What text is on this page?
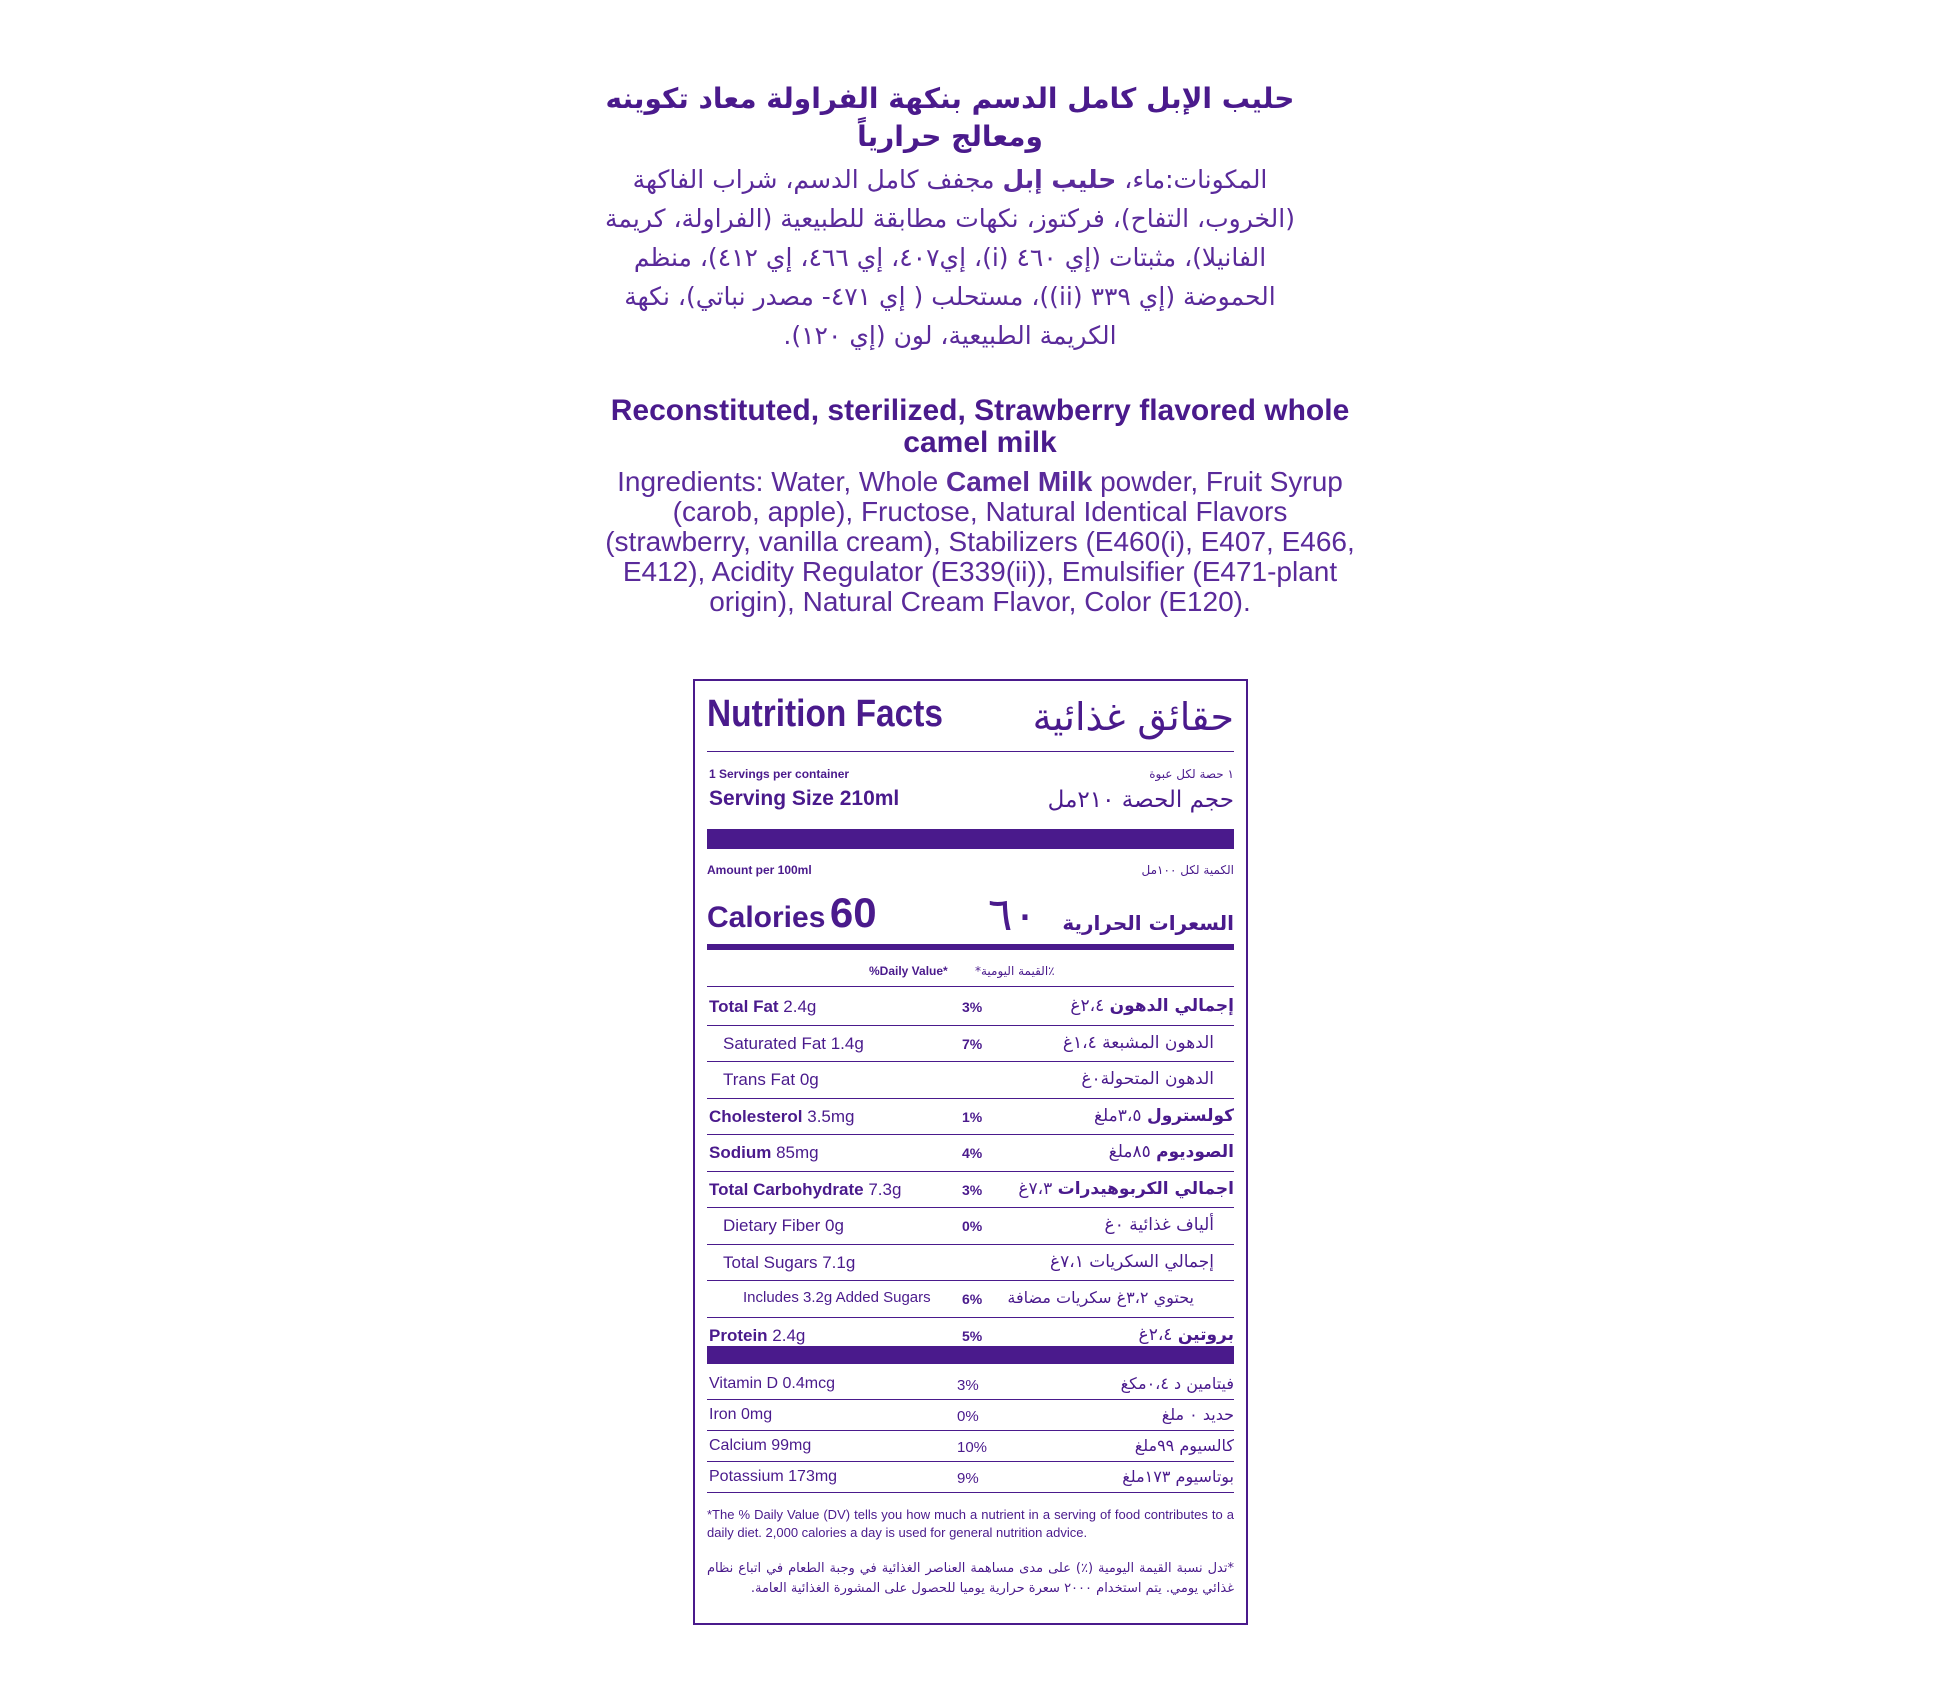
حليب الإبل كامل الدسم بنكهة الفراولة معاد تكوينه ومعالج حرارياً
المكونات:ماء، حليب إبل مجفف كامل الدسم، شراب الفاكهة (الخروب، التفاح)، فركتوز، نكهات مطابقة للطبيعية (الفراولة، كريمة الفانيلا)، مثبتات (إي ٤٦٠ (i)، إي٤٠٧، إي ٤٦٦، إي ٤١٢)، منظم الحموضة (إي ٣٣٩ (ii))، مستحلب ( إي ٤٧١- مصدر نباتي)، نكهة الكريمة الطبيعية، لون (إي ١٢٠).
Reconstituted, sterilized, Strawberry flavored whole camel milk
Ingredients: Water, Whole Camel Milk powder, Fruit Syrup (carob, apple), Fructose, Natural Identical Flavors (strawberry, vanilla cream), Stabilizers (E460(i), E407, E466, E412), Acidity Regulator (E339(ii)), Emulsifier (E471-plant origin), Natural Cream Flavor, Color (E120).
Nutrition Facts حقائق غذائية
1 Servings per container	١ حصة لكل عبوة
Serving Size 210ml	حجم الحصة ٢١٠مل
Amount per 100ml	الكمية لكل ١٠٠مل
Calories 60	السعرات الحرارية ٦٠
%Daily Value* ٪القيمة اليومية*
Total Fat 2.4g	3%	إجمالي الدهون ٢،٤غ
Saturated Fat 1.4g	7%	الدهون المشبعة ١،٤غ
Trans Fat 0g	الدهون المتحولة٠غ
Cholesterol 3.5mg	1%	كولسترول ٣،٥ملغ
Sodium 85mg	4%	الصوديوم ٨٥ملغ
Total Carbohydrate 7.3g	3%	اجمالي الكربوهيدرات ٧،٣غ
Dietary Fiber 0g	0%	ألياف غذائية ٠غ
Total Sugars 7.1g	إجمالي السكريات ٧،١غ
Includes 3.2g Added Sugars 6% يحتوي ٣،٢غ سكريات مضافة
Protein 2.4g	5%	بروتين ٢،٤غ
Vitamin D 0.4mcg	3%	فيتامين د ٠،٤مكغ
Iron 0mg	0%	حديد ٠ ملغ
Calcium 99mg	10%	كالسيوم ٩٩ملغ
Potassium 173mg	9%	بوتاسيوم ١٧٣ملغ
*The % Daily Value (DV) tells you how much a nutrient in a serving of food contributes to a daily diet. 2,000 calories a day is used for general nutrition advice.
*تدل نسبة القيمة اليومية (٪) على مدى مساهمة العناصر الغذائية في وجبة الطعام في اتباع نظام غذائي يومي. يتم استخدام ٢٠٠٠ سعرة حرارية يوميا للحصول على المشورة الغذائية العامة.
